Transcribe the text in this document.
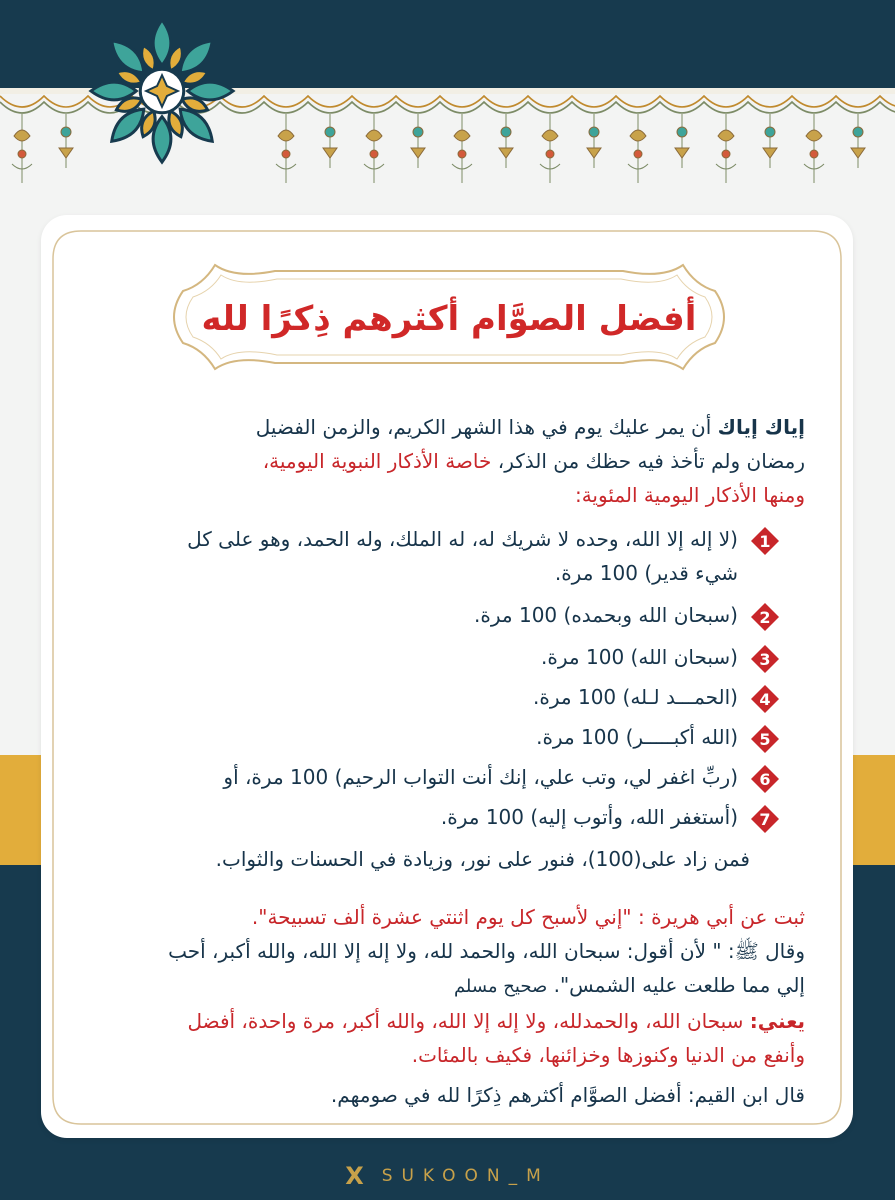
أفضل الصوَّام أكثرهم ذِكرًا لله
إياك إياك أن يمر عليك يوم في هذا الشهر الكريم، والزمن الفضيل
رمضان ولم تأخذ فيه حظك من الذكر، خاصة الأذكار النبوية اليومية،
ومنها الأذكار اليومية المئوية:
1
(لا إله إلا الله، وحده لا شريك له، له الملك، وله الحمد، وهو على كل
شيء قدير) 100 مرة.
2
(سبحان الله وبحمده) 100 مرة.
3
(سبحان الله) 100 مرة.
4
(الحمـــد لـله) 100 مرة.
5
(الله أكبـــــر) 100 مرة.
6
(ربِّ اغفر لي، وتب علي، إنك أنت التواب الرحيم) 100 مرة، أو
7
(أستغفر الله، وأتوب إليه) 100 مرة.
فمن زاد على(100)، فنور على نور، وزيادة في الحسنات والثواب.
ثبت عن أبي هريرة : "إني لأسبح كل يوم اثنتي عشرة ألف تسبيحة".
وقال ﷺ: " لأن أقول: سبحان الله، والحمد لله، ولا إله إلا الله، والله أكبر، أحب
إلي مما طلعت عليه الشمس". صحيح مسلم
يعني: سبحان الله، والحمدلله، ولا إله إلا الله، والله أكبر، مرة واحدة، أفضل
وأنفع من الدنيا وكنوزها وخزائنها، فكيف بالمئات.
قال ابن القيم: أفضل الصوَّام أكثرهم ذِكرًا لله في صومهم.
X SUKOON_M
